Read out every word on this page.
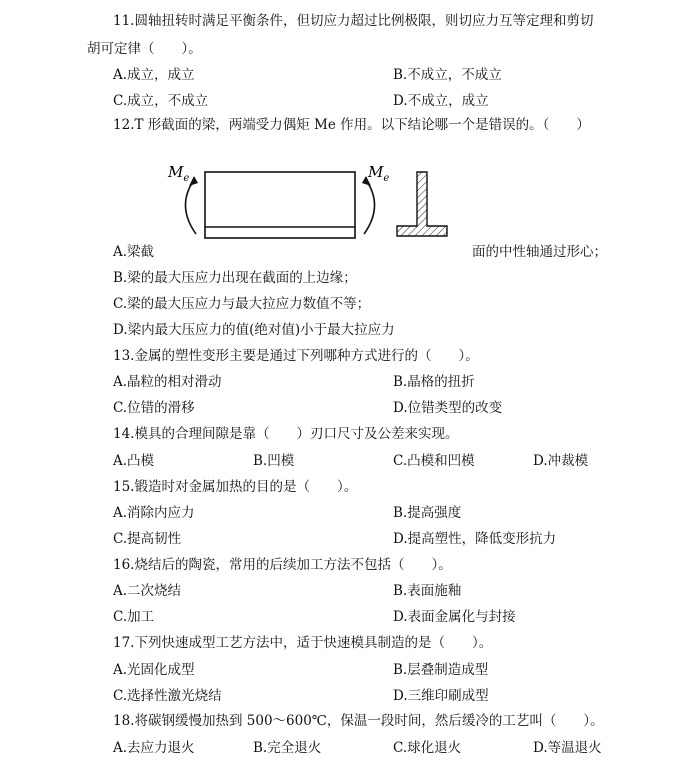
11.圆轴扭转时满足平衡条件，但切应力超过比例极限，则切应力互等定理和剪切
胡可定律（　　）。
A.成立，成立	B.不成立，不成立
C.成立，不成立	D.不成立，成立
12.T 形截面的梁，两端受力偶矩 Me 作用。以下结论哪一个是错误的。（　　）
$M_e$	$M_e$
A.梁截	面的中性轴通过形心；
B.梁的最大压应力出现在截面的上边缘；
C.梁的最大压应力与最大拉应力数值不等；
D.梁内最大压应力的值(绝对值)小于最大拉应力
13.金属的塑性变形主要是通过下列哪种方式进行的（　　）。
A.晶粒的相对滑动	B.晶格的扭折
C.位错的滑移	D.位错类型的改变
14.模具的合理间隙是靠（　　）刃口尺寸及公差来实现。
A.凸模	B.凹模	C.凸模和凹模	D.冲裁模
15.锻造时对金属加热的目的是（　　）。
A.消除内应力	B.提高强度
C.提高韧性	D.提高塑性，降低变形抗力
16.烧结后的陶瓷，常用的后续加工方法不包括（　　）。
A.二次烧结	B.表面施釉
C.加工	D.表面金属化与封接
17.下列快速成型工艺方法中，适于快速模具制造的是（　　）。
A.光固化成型	B.层叠制造成型
C.选择性激光烧结	D.三维印刷成型
18.将碳钢缓慢加热到 500～600℃，保温一段时间，然后缓冷的工艺叫（　　）。
A.去应力退火	B.完全退火	C.球化退火	D.等温退火
